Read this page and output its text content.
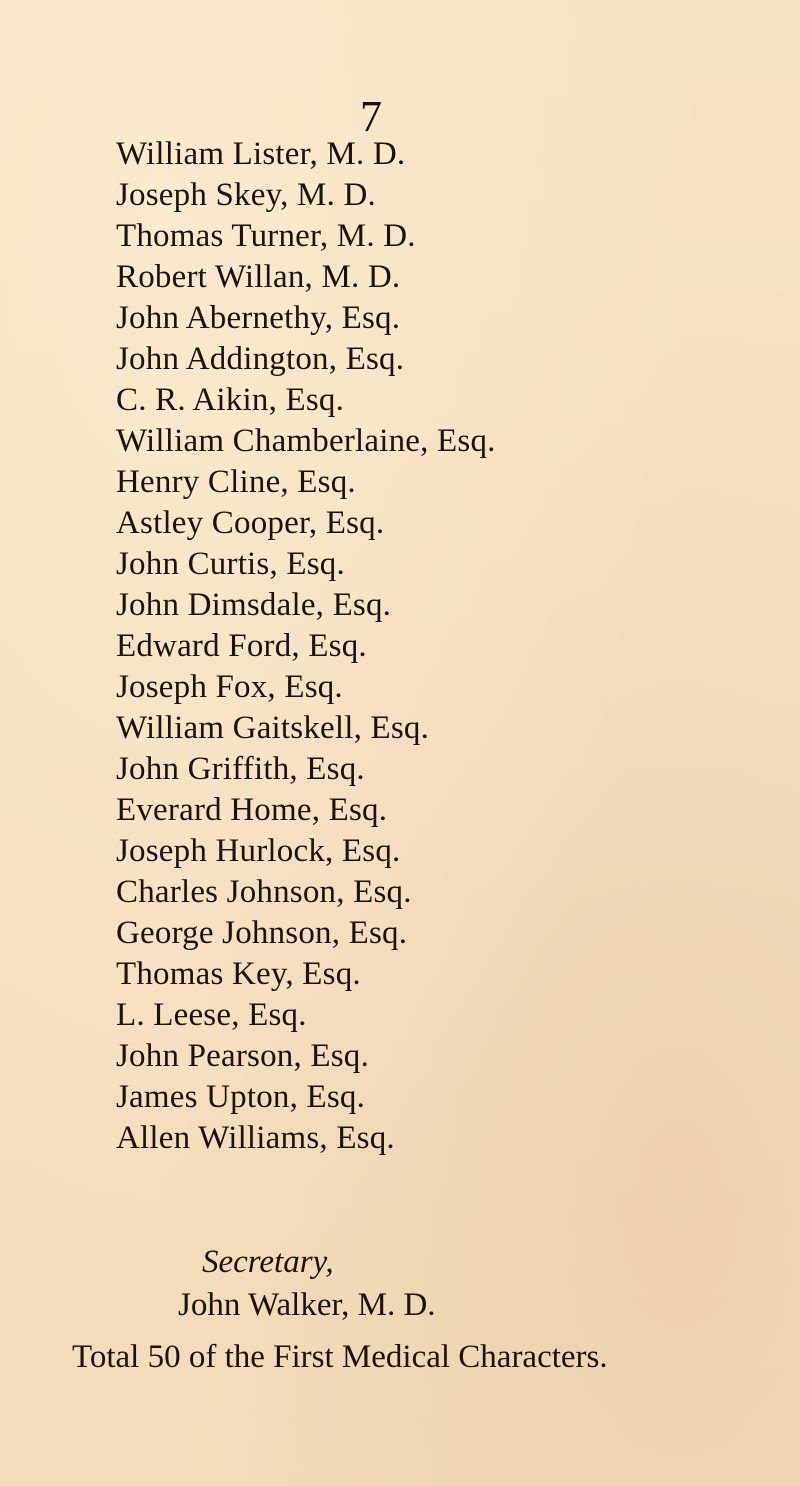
7
William Lister, M. D.
Joseph Skey, M. D.
Thomas Turner, M. D.
Robert Willan, M. D.
John Abernethy, Esq.
John Addington, Esq.
C. R. Aikin, Esq.
William Chamberlaine, Esq.
Henry Cline, Esq.
Astley Cooper, Esq.
John Curtis, Esq.
John Dimsdale, Esq.
Edward Ford, Esq.
Joseph Fox, Esq.
William Gaitskell, Esq.
John Griffith, Esq.
Everard Home, Esq.
Joseph Hurlock, Esq.
Charles Johnson, Esq.
George Johnson, Esq.
Thomas Key, Esq.
L. Leese, Esq.
John Pearson, Esq.
James Upton, Esq.
Allen Williams, Esq.
Secretary,
John Walker, M. D.
Total 50 of the First Medical Characters.
